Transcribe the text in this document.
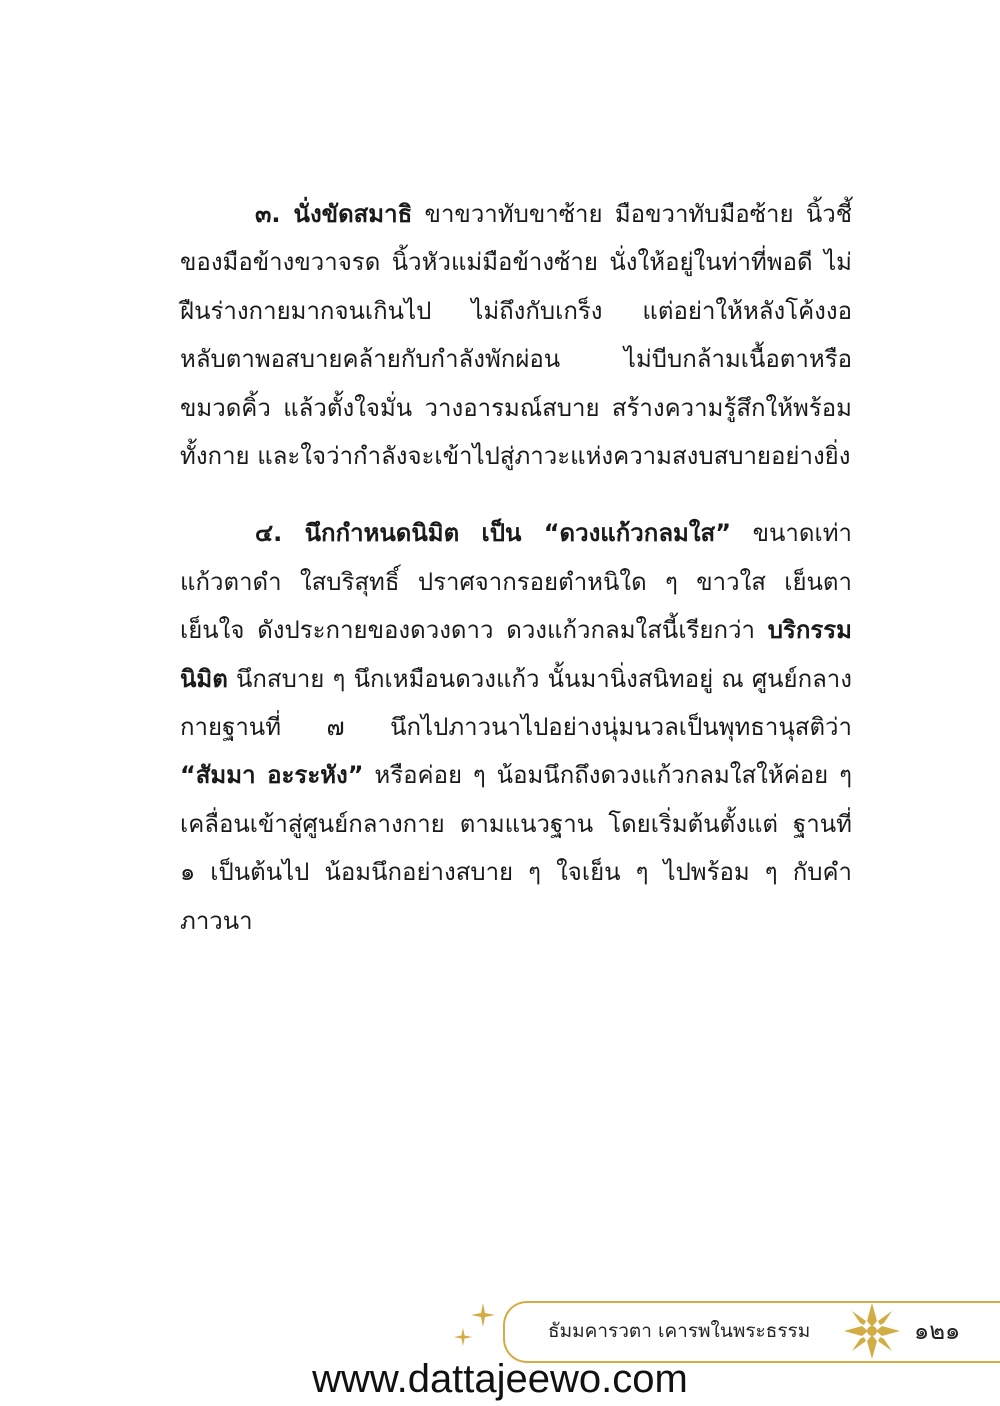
๓. นั่งขัดสมาธิ ขาขวาทับขาซ้าย มือขวาทับมือซ้าย นิ้วชี้ของมือข้างขวาจรด นิ้วหัวแม่มือข้างซ้าย นั่งให้อยู่ในท่าที่พอดี ไม่ฝืนร่างกายมากจนเกินไป ไม่ถึงกับเกร็ง แต่อย่าให้หลังโค้งงอหลับตาพอสบายคล้ายกับกำลังพักผ่อน ไม่บีบกล้ามเนื้อตาหรือขมวดคิ้ว แล้วตั้งใจมั่น วางอารมณ์สบาย สร้างความรู้สึกให้พร้อมทั้งกาย และใจว่ากำลังจะเข้าไปสู่ภาวะแห่งความสงบสบายอย่างยิ่ง

๔. นึกกำหนดนิมิต เป็น “ดวงแก้วกลมใส” ขนาดเท่าแก้วตาดำ ใสบริสุทธิ์ ปราศจากรอยตำหนิใด ๆ ขาวใส เย็นตาเย็นใจ ดังประกายของดวงดาว ดวงแก้วกลมใสนี้เรียกว่า บริกรรมนิมิต นึกสบาย ๆ นึกเหมือนดวงแก้ว นั้นมานิ่งสนิทอยู่ ณ ศูนย์กลางกายฐานที่ ๗ นึกไปภาวนาไปอย่างนุ่มนวลเป็นพุทธานุสติว่า “สัมมา อะระหัง” หรือค่อย ๆ น้อมนึกถึงดวงแก้วกลมใสให้ค่อย ๆ เคลื่อนเข้าสู่ศูนย์กลางกาย ตามแนวฐาน โดยเริ่มต้นตั้งแต่ ฐานที่ ๑ เป็นต้นไป น้อมนึกอย่างสบาย ๆ ใจเย็น ๆ ไปพร้อม ๆ กับคำภาวนา

ธัมมคารวตา เคารพในพระธรรม	๑๒๑
www.dattajeewo.com
